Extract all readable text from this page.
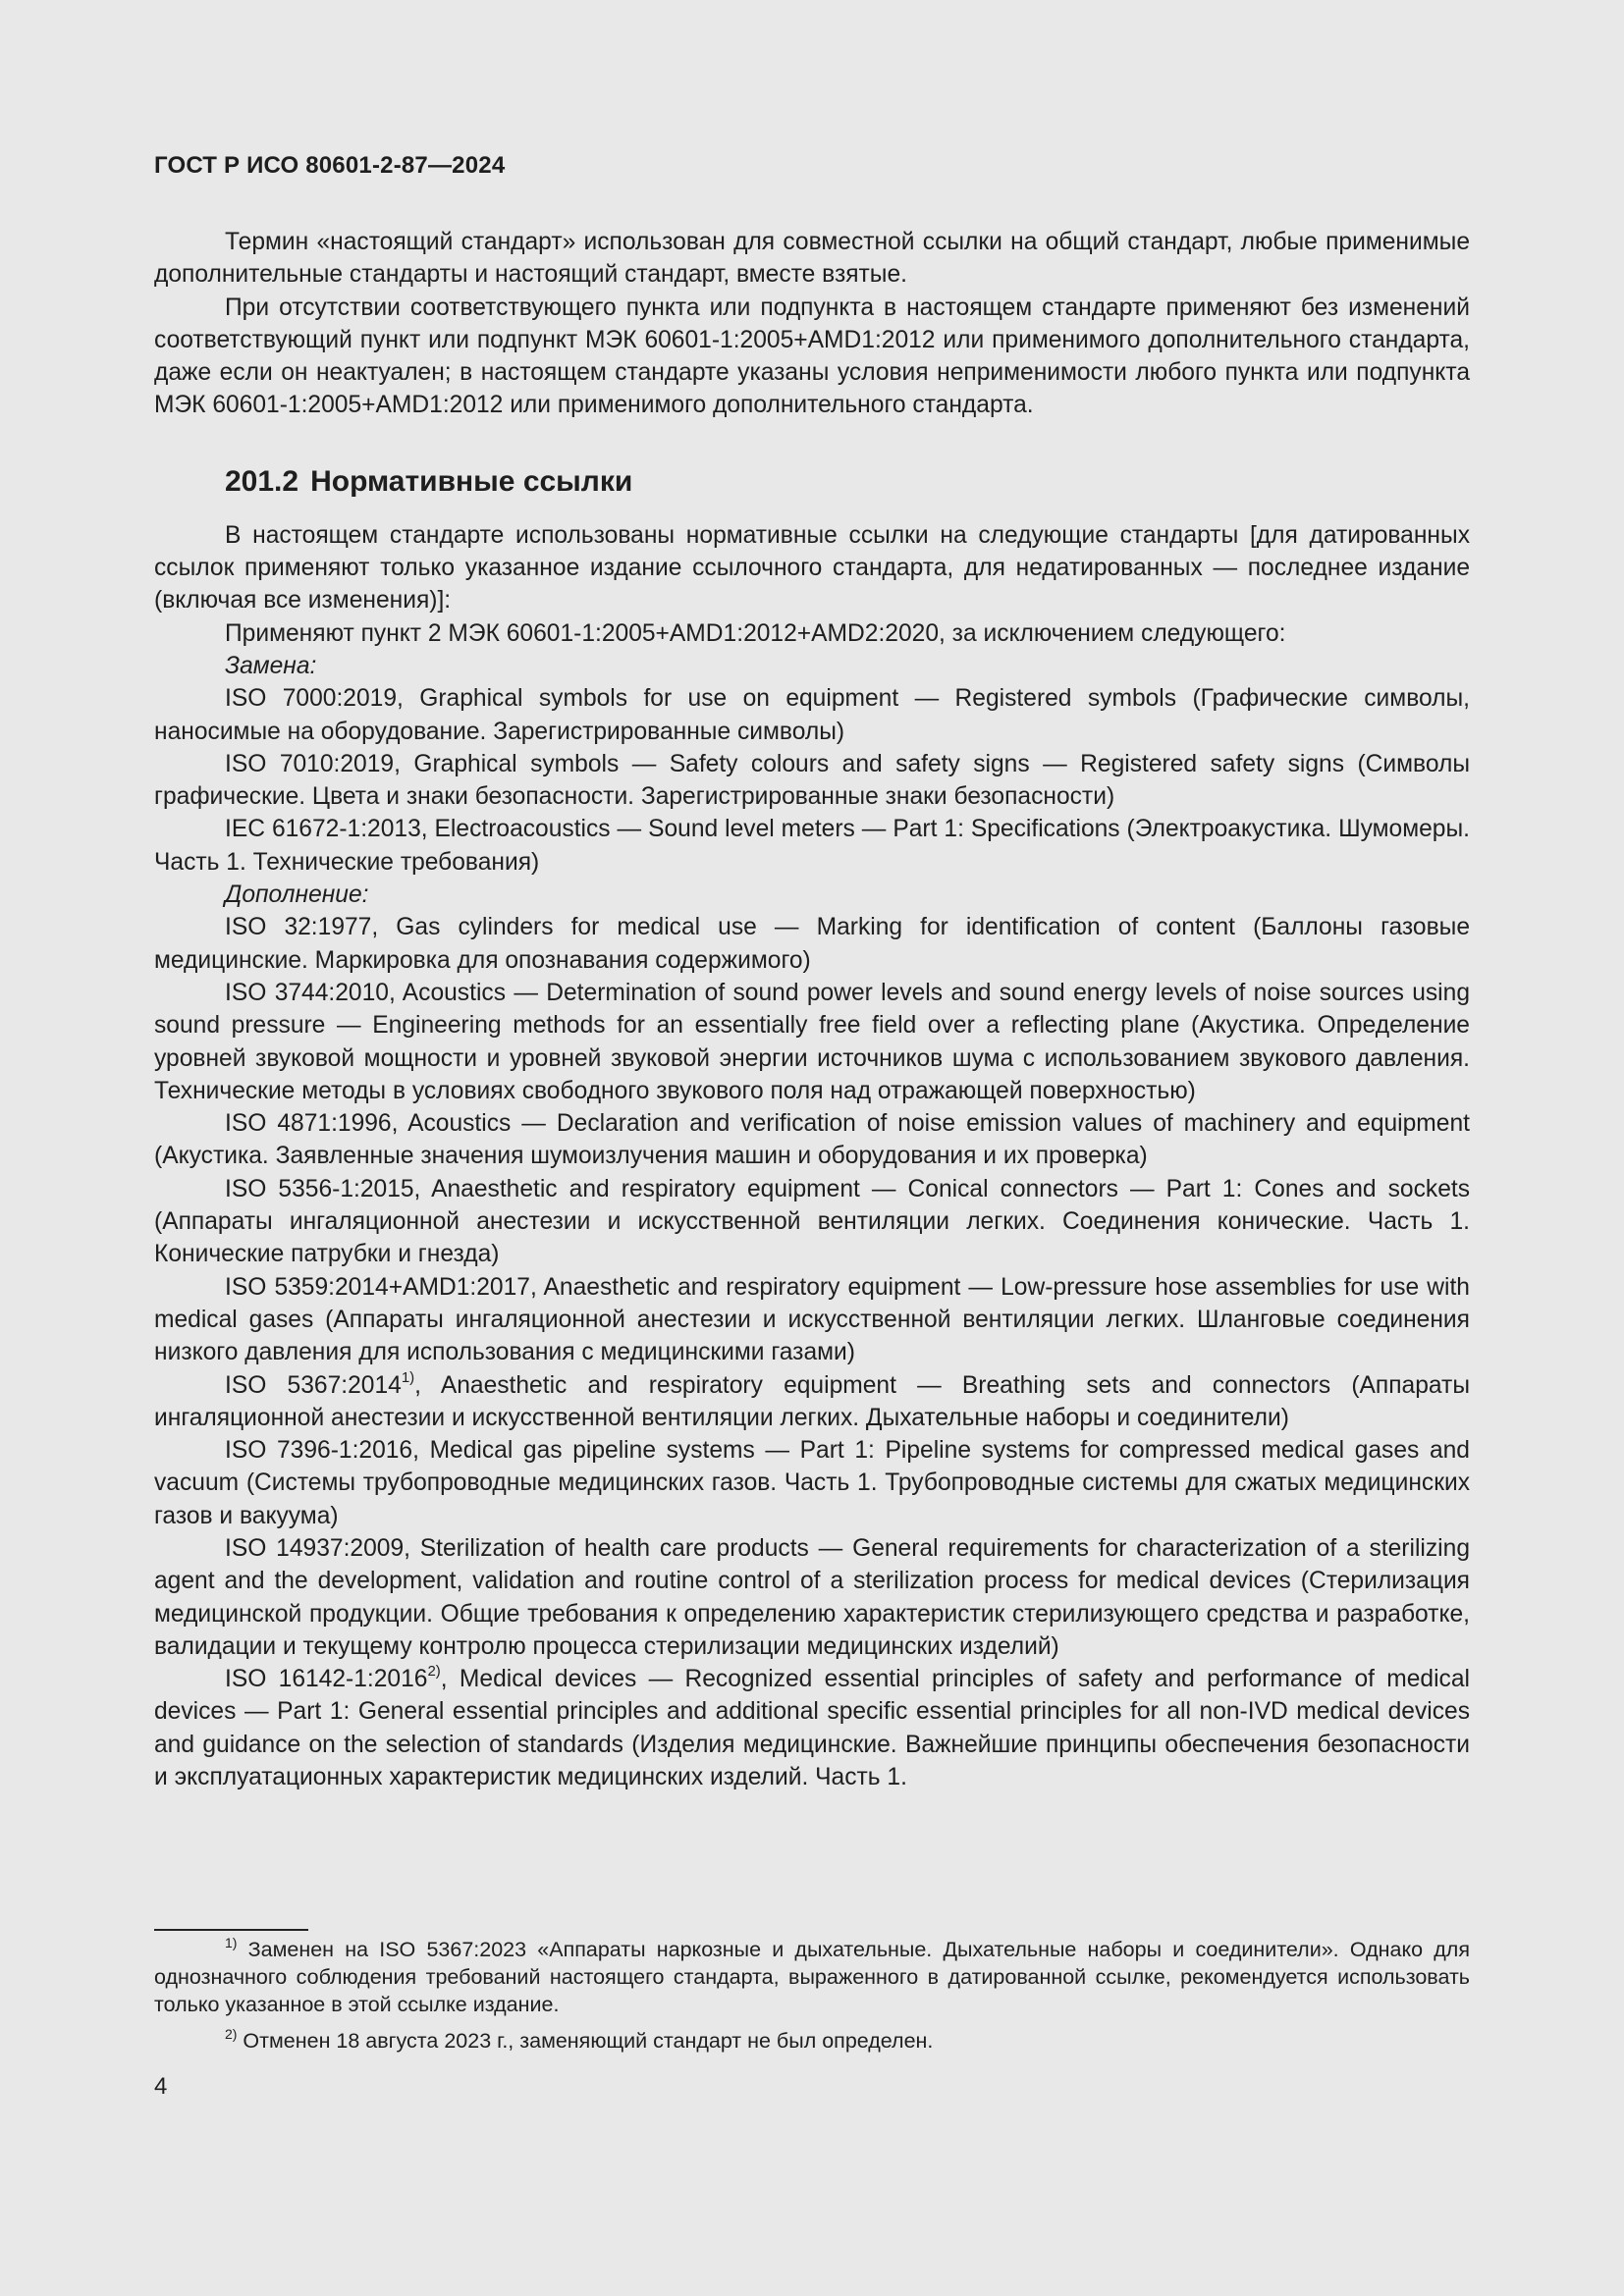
ГОСТ Р ИСО 80601-2-87—2024

Термин «настоящий стандарт» использован для совместной ссылки на общий стандарт, любые применимые дополнительные стандарты и настоящий стандарт, вместе взятые.

При отсутствии соответствующего пункта или подпункта в настоящем стандарте применяют без изменений соответствующий пункт или подпункт МЭК 60601-1:2005+AMD1:2012 или применимого дополнительного стандарта, даже если он неактуален; в настоящем стандарте указаны условия неприменимости любого пункта или подпункта МЭК 60601-1:2005+AMD1:2012 или применимого дополнительного стандарта.

201.2 Нормативные ссылки

В настоящем стандарте использованы нормативные ссылки на следующие стандарты [для датированных ссылок применяют только указанное издание ссылочного стандарта, для недатированных — последнее издание (включая все изменения)]:

Применяют пункт 2 МЭК 60601-1:2005+AMD1:2012+AMD2:2020, за исключением следующего:

Замена:

ISO 7000:2019, Graphical symbols for use on equipment — Registered symbols (Графические символы, наносимые на оборудование. Зарегистрированные символы)

ISO 7010:2019, Graphical symbols — Safety colours and safety signs — Registered safety signs (Символы графические. Цвета и знаки безопасности. Зарегистрированные знаки безопасности)

IEC 61672-1:2013, Electroacoustics — Sound level meters — Part 1: Specifications (Электроакустика. Шумомеры. Часть 1. Технические требования)

Дополнение:

ISO 32:1977, Gas cylinders for medical use — Marking for identification of content (Баллоны газовые медицинские. Маркировка для опознавания содержимого)

ISO 3744:2010, Acoustics — Determination of sound power levels and sound energy levels of noise sources using sound pressure — Engineering methods for an essentially free field over a reflecting plane (Акустика. Определение уровней звуковой мощности и уровней звуковой энергии источников шума с использованием звукового давления. Технические методы в условиях свободного звукового поля над отражающей поверхностью)

ISO 4871:1996, Acoustics — Declaration and verification of noise emission values of machinery and equipment (Акустика. Заявленные значения шумоизлучения машин и оборудования и их проверка)

ISO 5356-1:2015, Anaesthetic and respiratory equipment — Conical connectors — Part 1: Cones and sockets (Аппараты ингаляционной анестезии и искусственной вентиляции легких. Соединения конические. Часть 1. Конические патрубки и гнезда)

ISO 5359:2014+AMD1:2017, Anaesthetic and respiratory equipment — Low-pressure hose assemblies for use with medical gases (Аппараты ингаляционной анестезии и искусственной вентиляции легких. Шланговые соединения низкого давления для использования с медицинскими газами)

ISO 5367:2014$^{1)}$, Anaesthetic and respiratory equipment — Breathing sets and connectors (Аппараты ингаляционной анестезии и искусственной вентиляции легких. Дыхательные наборы и соединители)

ISO 7396-1:2016, Medical gas pipeline systems — Part 1: Pipeline systems for compressed medical gases and vacuum (Системы трубопроводные медицинских газов. Часть 1. Трубопроводные системы для сжатых медицинских газов и вакуума)

ISO 14937:2009, Sterilization of health care products — General requirements for characterization of a sterilizing agent and the development, validation and routine control of a sterilization process for medical devices (Стерилизация медицинской продукции. Общие требования к определению характеристик стерилизующего средства и разработке, валидации и текущему контролю процесса стерилизации медицинских изделий)

ISO 16142-1:2016$^{2)}$, Medical devices — Recognized essential principles of safety and performance of medical devices — Part 1: General essential principles and additional specific essential principles for all non-IVD medical devices and guidance on the selection of standards (Изделия медицинские. Важнейшие принципы обеспечения безопасности и эксплуатационных характеристик медицинских изделий. Часть 1.

$^{1)}$ Заменен на ISO 5367:2023 «Аппараты наркозные и дыхательные. Дыхательные наборы и соединители». Однако для однозначного соблюдения требований настоящего стандарта, выраженного в датированной ссылке, рекомендуется использовать только указанное в этой ссылке издание.

$^{2)}$ Отменен 18 августа 2023 г., заменяющий стандарт не был определен.

4
